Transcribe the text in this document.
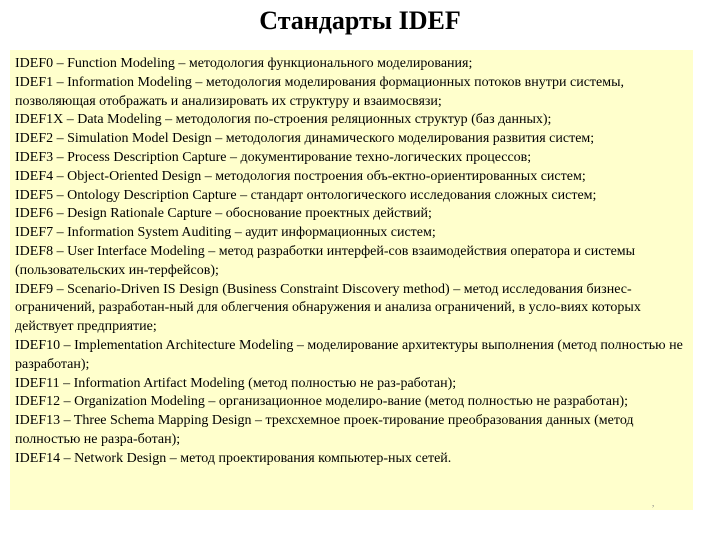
Стандарты IDEF
IDEF0 – Function Modeling – методология функционального моделирования;
IDEF1 – Information Modeling – методология моделирования формационных потоков внутри системы, позволяющая отображать и анализировать их структуру и взаимосвязи;
IDEF1X – Data Modeling – методология по-строения реляционных структур (баз данных);
IDEF2 – Simulation Model Design – методология динамического моделирования развития систем;
IDEF3 – Process Description Capture – документирование техно-логических процессов;
IDEF4 – Object-Oriented Design – методология построения объ-ектно-ориентированных систем;
IDEF5 – Ontology Description Capture – стандарт онтологического исследования сложных систем;
IDEF6 – Design Rationale Capture – обоснование проектных действий;
IDEF7 – Information System Auditing – аудит информационных систем;
IDEF8 – User Interface Modeling – метод разработки интерфей-сов взаимодействия оператора и системы (пользовательских ин-терфейсов);
IDEF9 – Scenario-Driven IS Design (Business Constraint Discovery method) – метод исследования бизнес-ограничений, разработан-ный для облегчения обнаружения и анализа ограничений, в усло-виях которых действует предприятие;
IDEF10 – Implementation Architecture Modeling – моделирование архитектуры выполнения (метод полностью не разработан);
IDEF11 – Information Artifact Modeling (метод полностью не раз-работан);
IDEF12 – Organization Modeling – организационное моделиро-вание (метод полностью не разработан);
IDEF13 – Three Schema Mapping Design – трехсхемное проек-тирование преобразования данных (метод полностью не разра-ботан);
IDEF14 – Network Design – метод проектирования компьютер-ных сетей.
,
